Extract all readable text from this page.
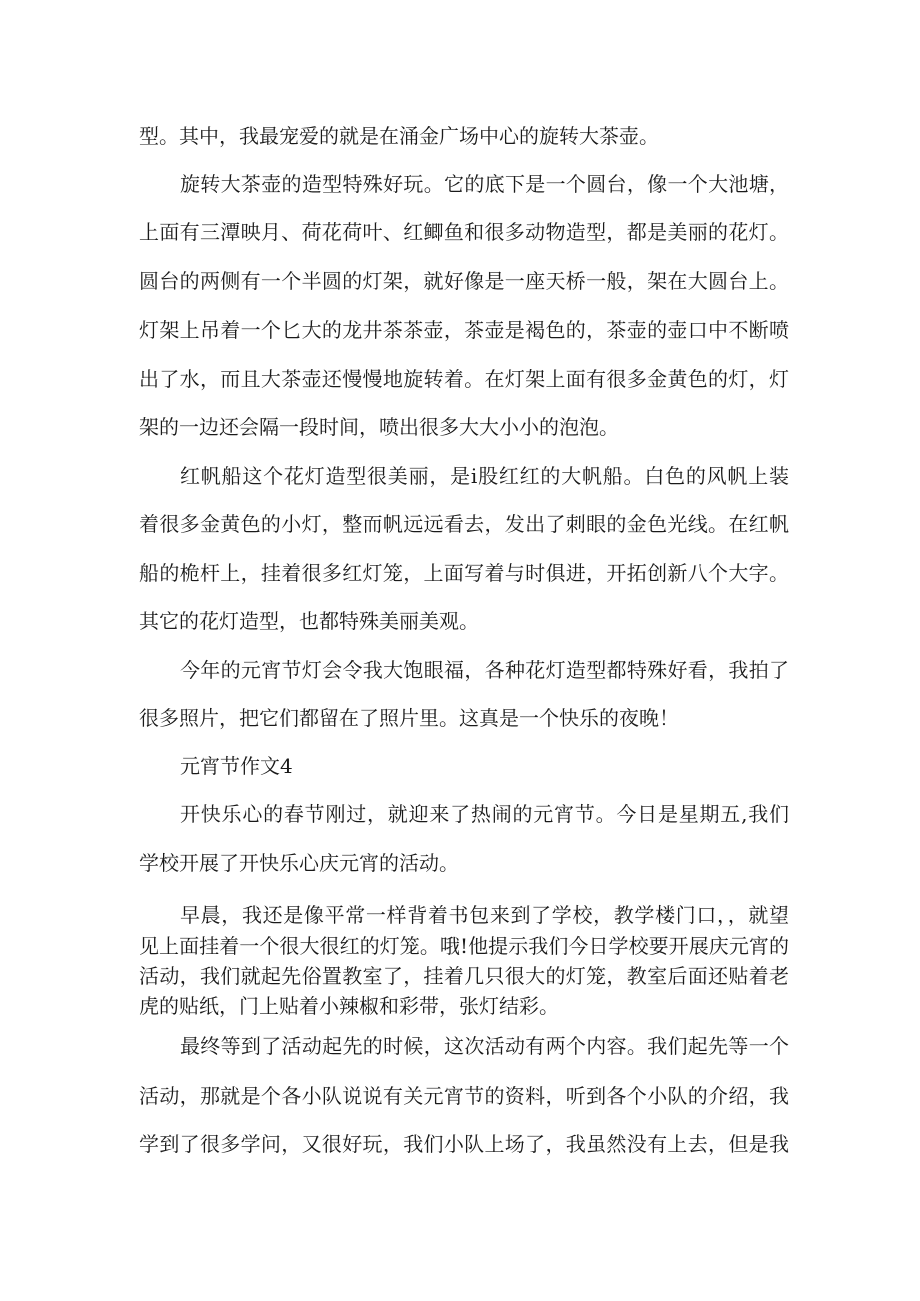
型。其中，我最宠爱的就是在涌金广场中心的旋转大茶壶。
旋转大茶壶的造型特殊好玩。它的底下是一个圆台，像一个大池塘，
上面有三潭映月、荷花荷叶、红鲫鱼和很多动物造型，都是美丽的花灯。
圆台的两侧有一个半圆的灯架，就好像是一座天桥一般，架在大圆台上。
灯架上吊着一个匕大的龙井茶茶壶，茶壶是褐色的，茶壶的壶口中不断喷
出了水，而且大茶壶还慢慢地旋转着。在灯架上面有很多金黄色的灯，灯
架的一边还会隔一段时间，喷出很多大大小小的泡泡。
红帆船这个花灯造型很美丽，是i股红红的大帆船。白色的风帆上装
着很多金黄色的小灯，整而帆远远看去，发出了刺眼的金色光线。在红帆
船的桅杆上，挂着很多红灯笼，上面写着与时俱进，开拓创新八个大字。
其它的花灯造型，也都特殊美丽美观。
今年的元宵节灯会令我大饱眼福，各种花灯造型都特殊好看，我拍了
很多照片，把它们都留在了照片里。这真是一个快乐的夜晚！
元宵节作文4
开快乐心的春节刚过，就迎来了热闹的元宵节。今日是星期五,我们
学校开展了开快乐心庆元宵的活动。
早晨，我还是像平常一样背着书包来到了学校，教学楼门口，，就望
见上面挂着一个很大很红的灯笼。哦!他提示我们今日学校要开展庆元宵的
活动，我们就起先俗置教室了，挂着几只很大的灯笼，教室后面还贴着老
虎的贴纸，门上贴着小辣椒和彩带，张灯结彩。
最终等到了活动起先的时候，这次活动有两个内容。我们起先等一个
活动，那就是个各小队说说有关元宵节的资料，听到各个小队的介绍，我
学到了很多学问，又很好玩，我们小队上场了，我虽然没有上去，但是我
